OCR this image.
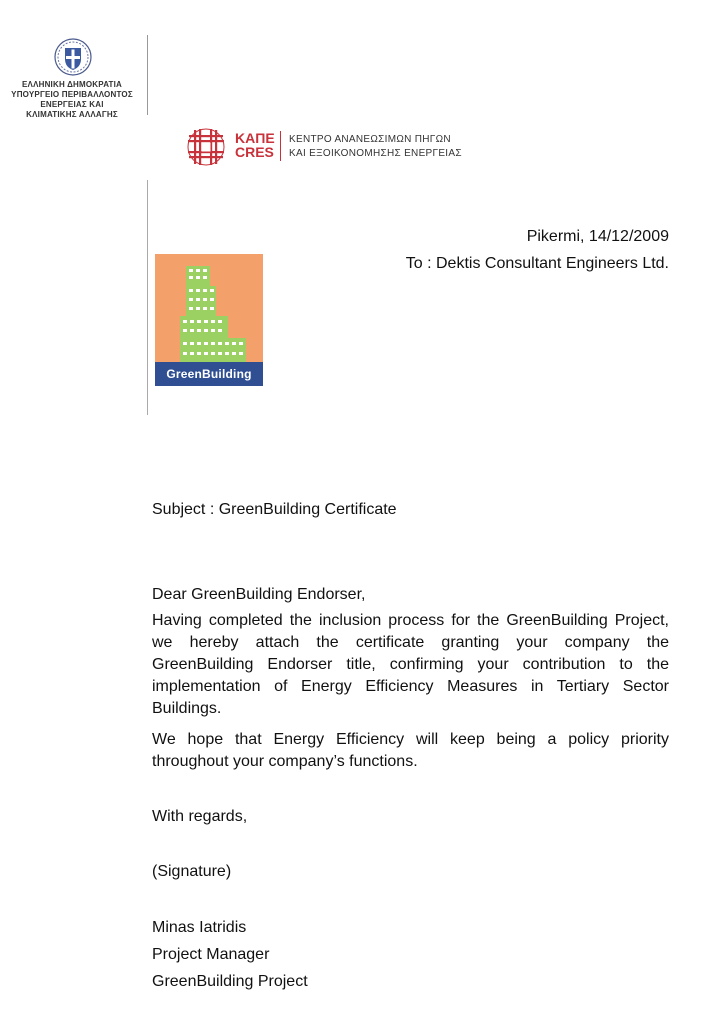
ΕΛΛΗΝΙΚΗ ΔΗΜΟΚΡΑΤΙΑ
ΥΠΟΥΡΓΕΙΟ ΠΕΡΙΒΑΛΛΟΝΤΟΣ
ΕΝΕΡΓΕΙΑΣ ΚΑΙ
ΚΛΙΜΑΤΙΚΗΣ ΑΛΛΑΓΗΣ
ΚΑΠΕ
CRES
ΚΕΝΤΡΟ ΑΝΑΝΕΩΣΙΜΩΝ ΠΗΓΩΝ
ΚΑΙ ΕΞΟΙΚΟΝΟΜΗΣΗΣ ΕΝΕΡΓΕΙΑΣ
GreenBuilding
Pikermi, 14/12/2009
To : Dektis Consultant Engineers Ltd.
Subject : GreenBuilding Certificate
Dear GreenBuilding Endorser,
Having completed the inclusion process for the GreenBuilding Project, we hereby attach the certificate granting your company the GreenBuilding Endorser title, confirming your contribution to the implementation of Energy Efficiency Measures in Tertiary Sector Buildings.
We hope that Energy Efficiency will keep being a policy priority throughout your company’s functions.
With regards,
(Signature)
Minas Iatridis
Project Manager
GreenBuilding Project
